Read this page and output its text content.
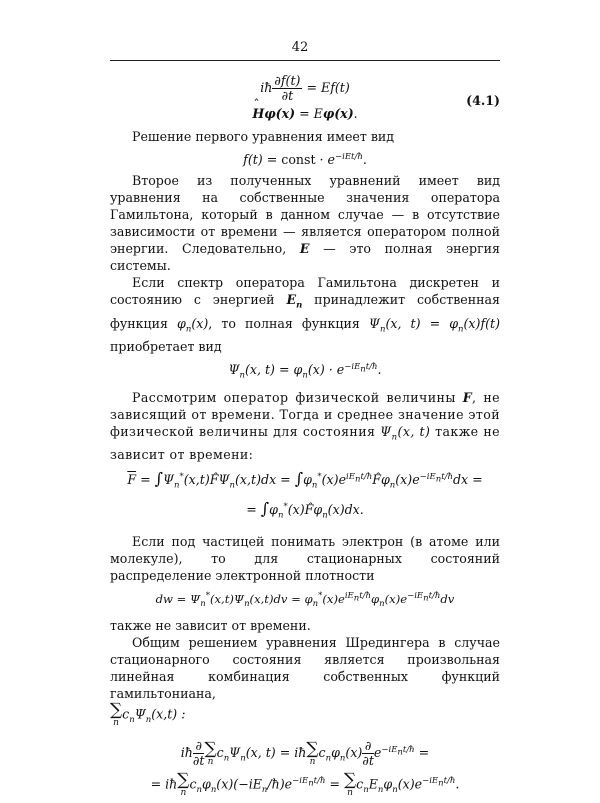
42
iħ $\frac{\partial f(t)}{\partial t} = Ef(t)$
ˆ Hφ(x) = Eφ(x).
(4.1)

Решение первого уравнения имеет вид

f(t) = const · $e^{-iEt/ħ}$.

Второе из полученных уравнений имеет вид уравнения на собственные значения оператора Гамильтона, который в данном случае — в отсутствие зависимости от времени — является оператором полной энергии. Следовательно, E — это полная энергия системы.

Если спектр оператора Гамильтона дискретен и состоянию с энергией $E_n$ принадлежит собственная функция $\varphi_n(x)$, то полная функция $\Psi_n(x$, $t) = \varphi_n(x)f(t)$ приобретает вид

$\Psi_n(x$, $t) = \varphi_n(x) \cdot e^{-iE_nt/ħ}$.

Рассмотрим оператор физической величины F, не зависящий от времени. Тогда и среднее значение этой физической величины для состояния $\Psi_n(x$, t) также не зависит от времени:

$\overline{F}$ = $\int\Psi_n^*(x,t)F̂\Psi_n(x,t)dx$ = $\int\varphi_n^*(x)e^{iE_nt/ħ}F̂\varphi_n(x)e^{-iE_nt/ħ}dx$ =
= $\int\varphi_n^*(x)F̂\varphi_n(x)dx$.

Если под частицей понимать электрон (в атоме или молекуле), то для стационарных состояний распределение электронной плотности

dw = $\Psi_n^*(x,t)\Psi_n(x,t)dv = \varphi_n^*(x)e^{iE_nt/ħ}\varphi_n(x)e^{-iE_nt/ħ}dv$

также не зависит от времени.

Общим решением уравнения Шредингера в случае стационарного состояния является произвольная линейная комбинация собственных функций гамильтониана,

∑
n
$c_n\Psi_n(x,t)$ :
iħ $\frac{\partial}{\partial t}$ ∑
n
$c_n\Psi_n(x$, t) = iħ ∑
n
$c_n\varphi_n(x) \frac{\partial}{\partial t} e^{-iE_nt/ħ}$ =
= iħ ∑
n
$c_n\varphi_n(x)(-iE_n/ħ)e^{-iE_nt/ħ}$ = ∑
n
$c_nE_n\varphi_n(x)e^{-iE_nt/ħ}$.
